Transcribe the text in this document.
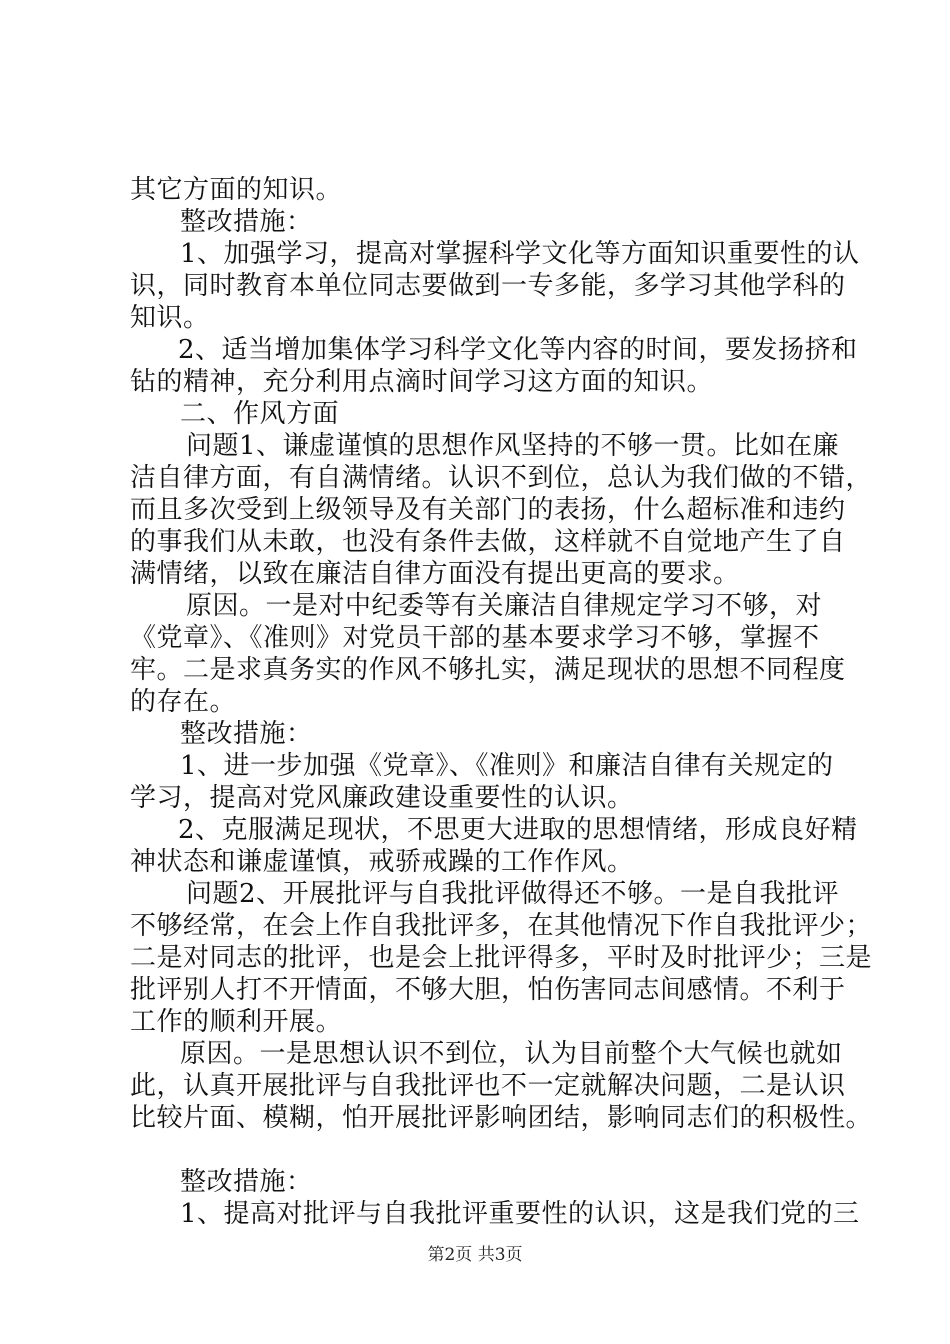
其它方面的知识。
整改措施：
1、加强学习，提高对掌握科学文化等方面知识重要性的认
识，同时教育本单位同志要做到一专多能，多学习其他学科的
知识。
2、适当增加集体学习科学文化等内容的时间，要发扬挤和
钻的精神，充分利用点滴时间学习这方面的知识。
二、作风方面
问题1、谦虚谨慎的思想作风坚持的不够一贯。比如在廉
洁自律方面，有自满情绪。认识不到位，总认为我们做的不错，
而且多次受到上级领导及有关部门的表扬，什么超标准和违约
的事我们从未敢，也没有条件去做，这样就不自觉地产生了自
满情绪，以致在廉洁自律方面没有提出更高的要求。
原因。一是对中纪委等有关廉洁自律规定学习不够，对
《党章》、《准则》对党员干部的基本要求学习不够，掌握不
牢。二是求真务实的作风不够扎实，满足现状的思想不同程度
的存在。
整改措施：
1、进一步加强《党章》、《准则》和廉洁自律有关规定的
学习，提高对党风廉政建设重要性的认识。
2、克服满足现状，不思更大进取的思想情绪，形成良好精
神状态和谦虚谨慎，戒骄戒躁的工作作风。
问题2、开展批评与自我批评做得还不够。一是自我批评
不够经常，在会上作自我批评多，在其他情况下作自我批评少；
二是对同志的批评，也是会上批评得多，平时及时批评少；三是
批评别人打不开情面，不够大胆，怕伤害同志间感情。不利于
工作的顺利开展。
原因。一是思想认识不到位，认为目前整个大气候也就如
此，认真开展批评与自我批评也不一定就解决问题，二是认识
比较片面、模糊，怕开展批评影响团结，影响同志们的积极性。
整改措施：
1、提高对批评与自我批评重要性的认识，这是我们党的三
第2页 共3页
